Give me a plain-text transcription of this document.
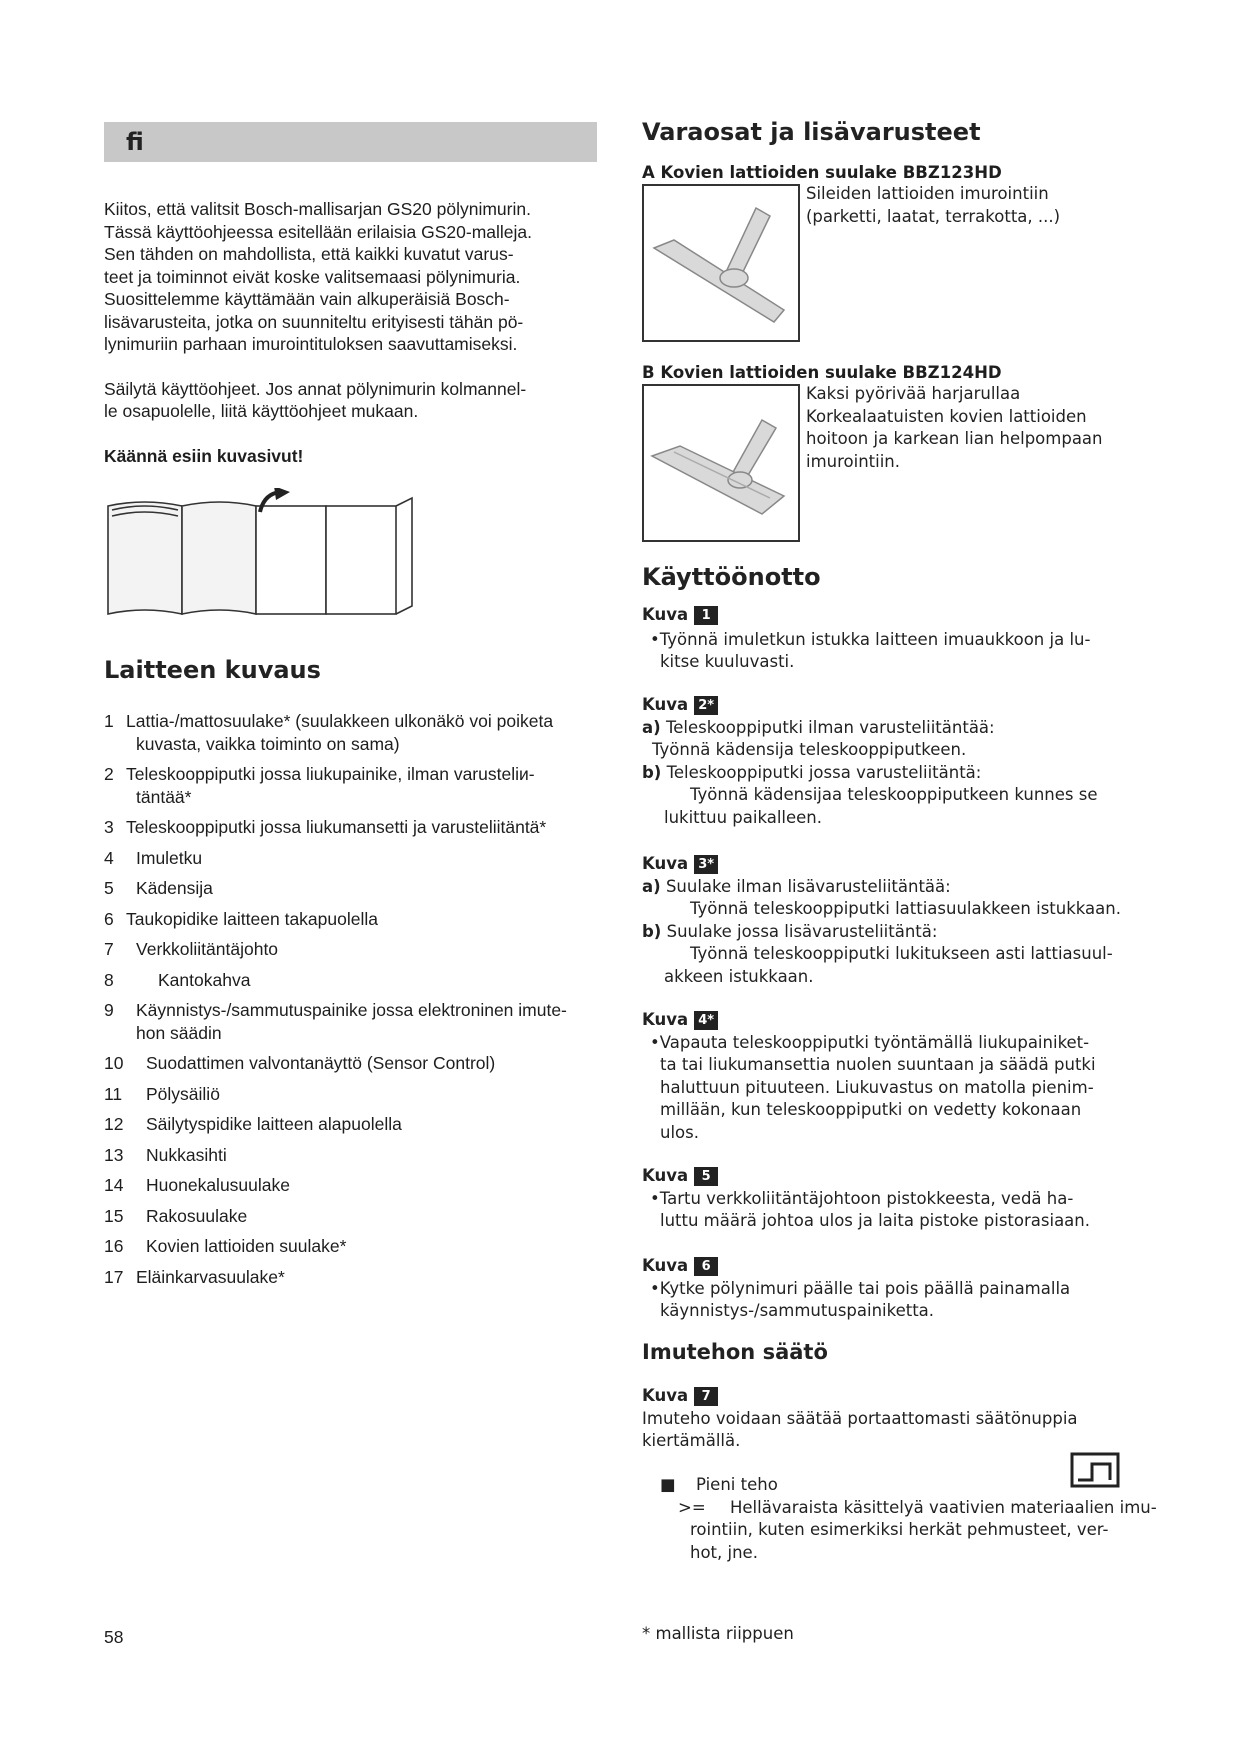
fi

Kiitos, että valitsit Bosch-mallisarjan GS20 pölynimurin.
Tässä käyttöohjeessa esitellään erilaisia GS20-malleja.
Sen tähden on mahdollista, että kaikki kuvatut varus-
teet ja toiminnot eivät koske valitsemaasi pölynimuria.
Suosittelemme käyttämään vain alkuperäisiä Bosch-
lisävarusteita, jotka on suunniteltu erityisesti tähän pö-
lynimuriin parhaan imurointituloksen saavuttamiseksi.

Säilytä käyttöohjeet. Jos annat pölynimurin kolmannel-
le osapuolelle, liitä käyttöohjeet mukaan.

Käännä esiin kuvasivut!

Laitteen kuvaus
1 Lattia-/mattosuulake* (suulakkeen ulkonäkö voi poiketa
kuvasta, vaikka toiminto on sama)
2 Teleskooppiputki jossa liukupainike, ilman varusteliи-
täntää*
3 Teleskooppiputki jossa liukumansetti ja varusteliitäntä*
4	Imuletku
5	Kädensija
6 Taukopidike laitteen takapuolella
7	Verkkoliitäntäjohto
8	Kantokahva
9	Käynnistys-/sammutuspainike jossa elektroninen imute-
hon säädin
10	Suodattimen valvontanäyttö (Sensor Control)
11	Pölysäiliö
12	Säilytyspidike laitteen alapuolella
13	Nukkasihti
14	Huonekalusuulake
15	Rakosuulake
16	Kovien lattioiden suulake*
17 Eläinkarvasuulake*
Varaosat ja lisävarusteet
A Kovien lattioiden suulake BBZ123HD
Sileiden lattioiden imurointiin
(parketti, laatat, terrakotta, ...)
B Kovien lattioiden suulake BBZ124HD
Kaksi pyörivää harjarullaa
Korkealaatuisten kovien lattioiden
hoitoon ja karkean lian helpompaan
imurointiin.
Käyttöönotto
Kuva	1
•Työnnä imuletkun istukka laitteen imuaukkoon ja lu-
kitse kuuluvasti.
Kuva 2*
a) Teleskooppiputki ilman varusteliitäntää:
Työnnä kädensija teleskooppiputkeen.
b) Teleskooppiputki jossa varusteliitäntä:
Työnnä kädensijaa teleskooppiputkeen kunnes se
lukittuu paikalleen.
Kuva 3*
a) Suulake ilman lisävarusteliitäntää:
Työnnä teleskooppiputki lattiasuulakkeen istukkaan.
b) Suulake jossa lisävarusteliitäntä:
Työnnä teleskooppiputki lukitukseen asti lattiasuul-
akkeen istukkaan.
Kuva 4*
•Vapauta teleskooppiputki työntämällä liukupainiket-
ta tai liukumansettia nuolen suuntaan ja säädä putki
haluttuun pituuteen. Liukuvastus on matolla pienim-
millään, kun teleskooppiputki on vedetty kokonaan
ulos.
Kuva	5
•Tartu verkkoliitäntäjohtoon pistokkeesta, vedä ha-
luttu määrä johtoa ulos ja laita pistoke pistorasiaan.
Kuva	6
•Kytke pölynimuri päälle tai pois päällä painamalla
käynnistys-/sammutuspainiketta.
Imutehon säätö
Kuva	7
Imuteho voidaan säätää portaattomasti säätönuppia
kiertämällä.
■	Pieni teho
>=	Hellävaraista käsittelyä vaativien materiaalien imu-
rointiin, kuten esimerkiksi herkät pehmusteet, ver-
hot, jne.
58	* mallista riippuen
